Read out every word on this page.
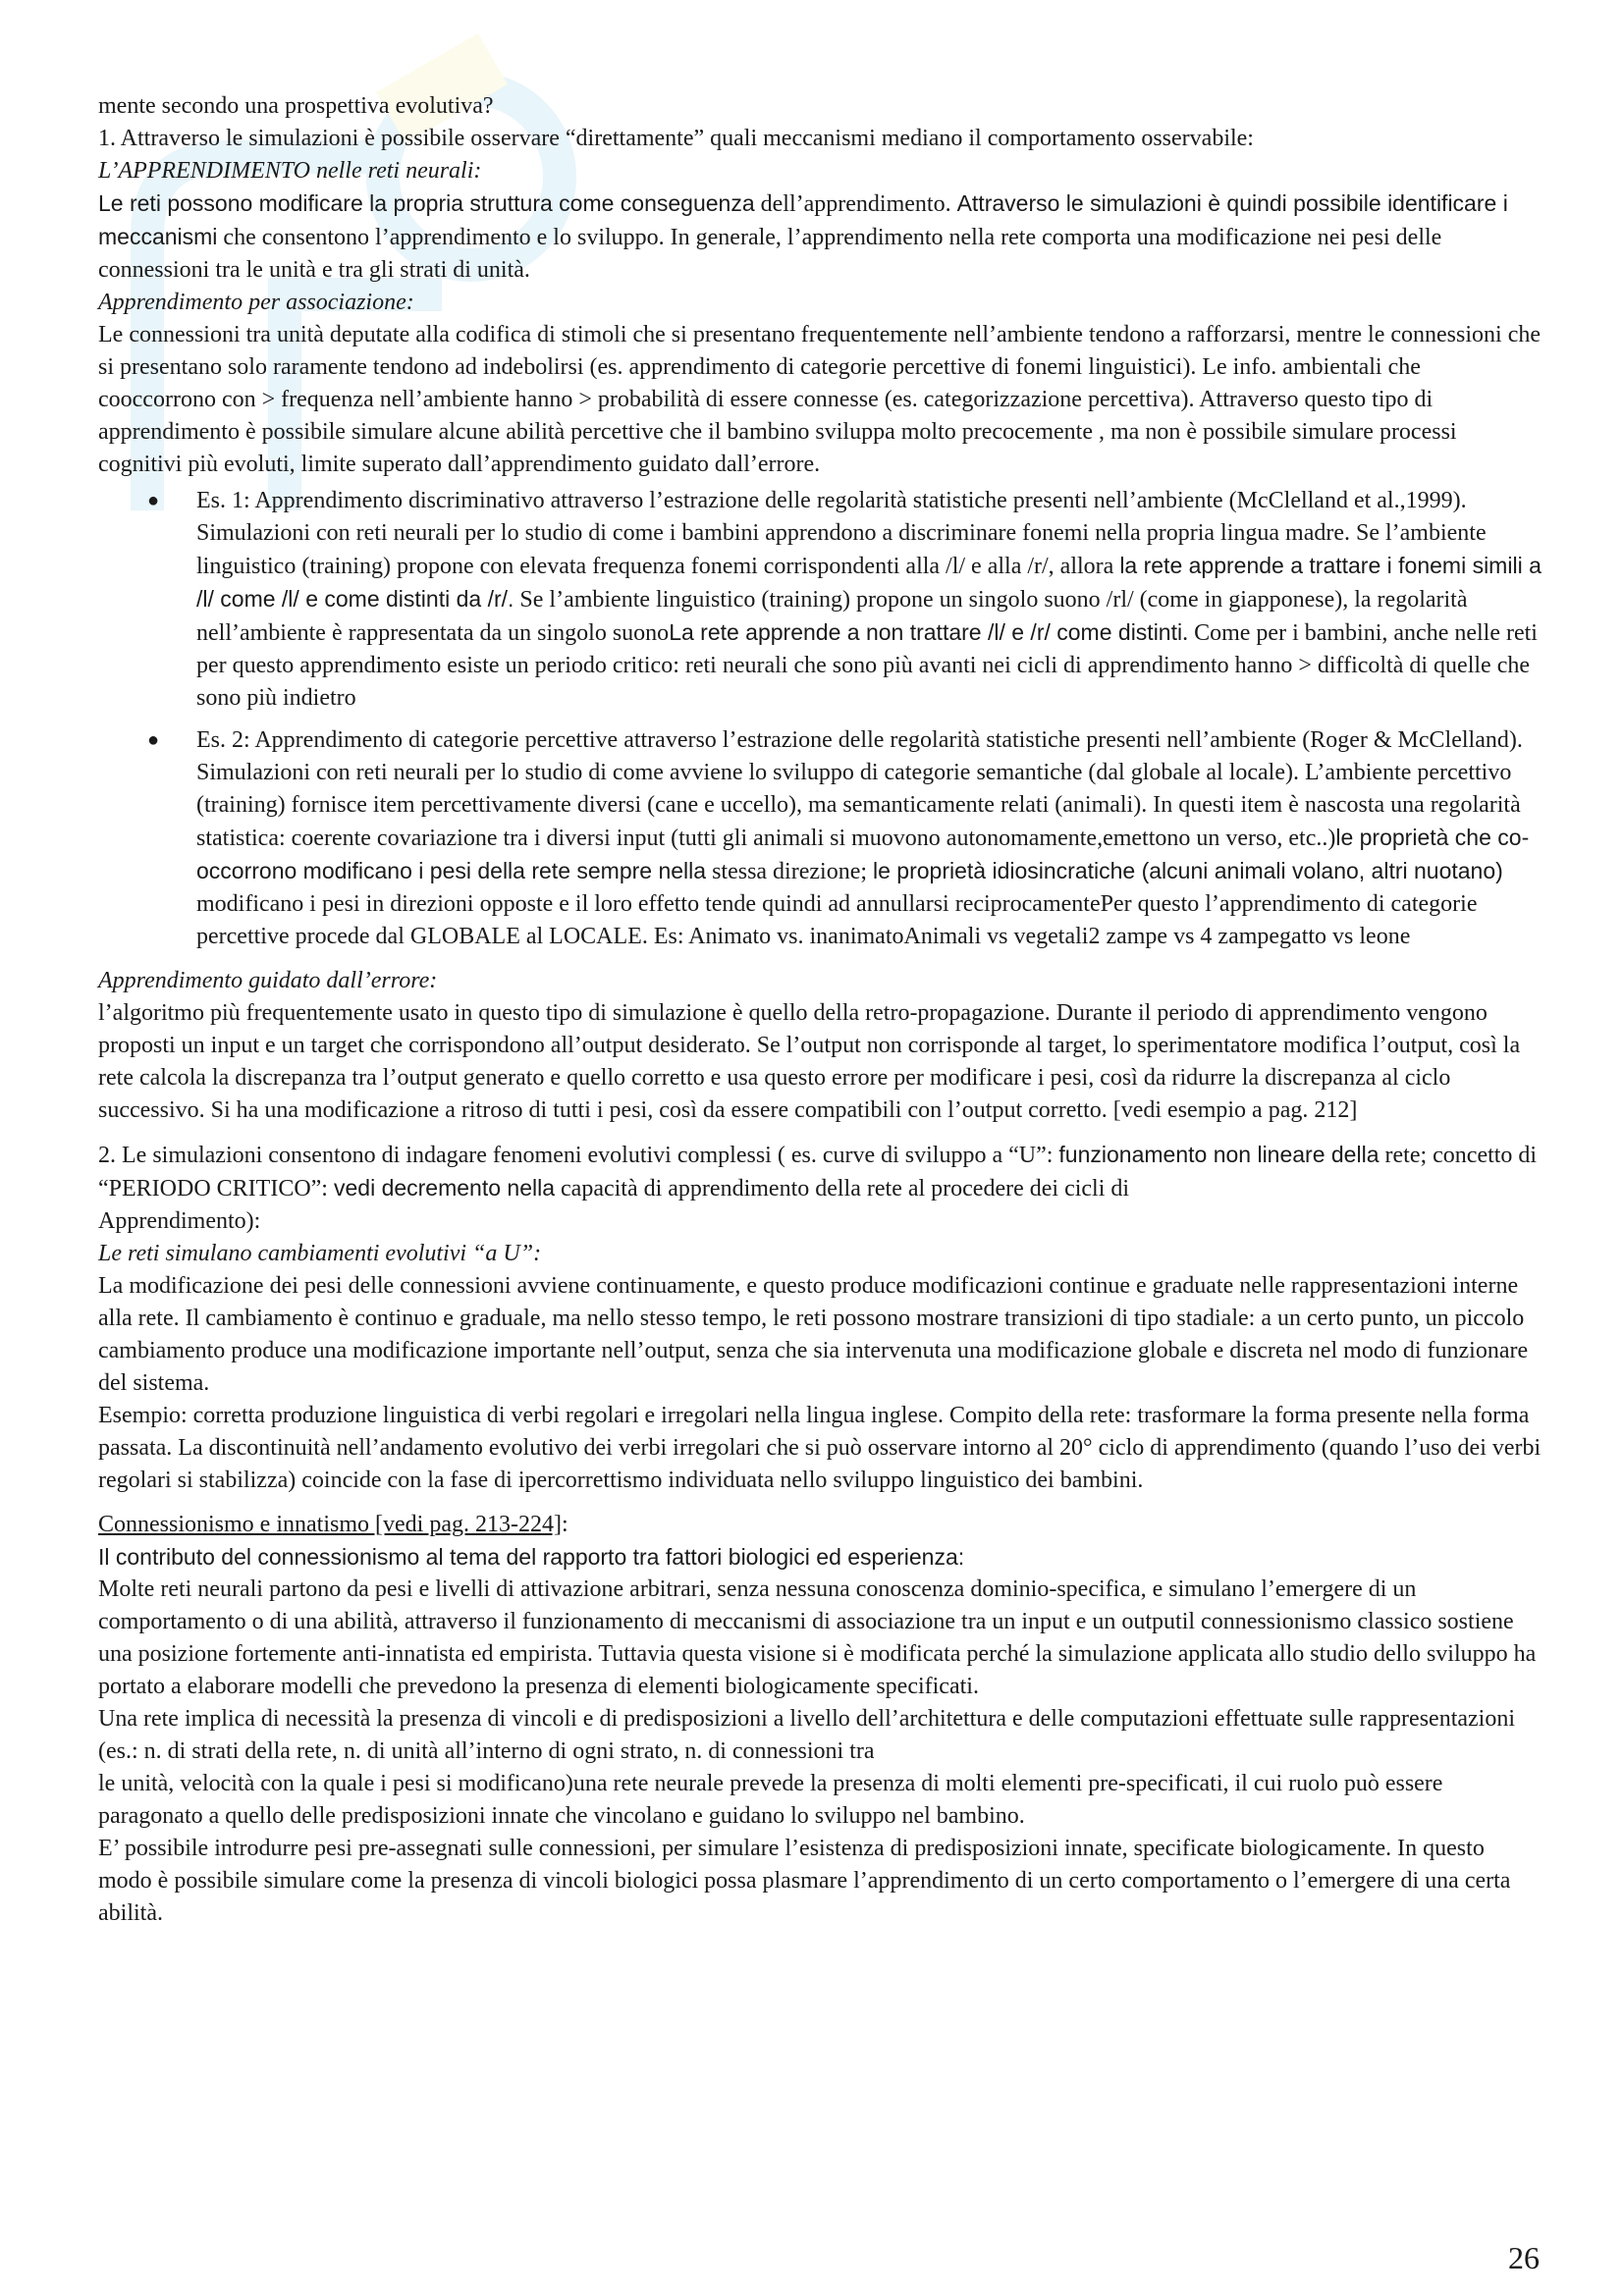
mente secondo una prospettiva evolutiva?

1. Attraverso le simulazioni è possibile osservare “direttamente” quali meccanismi mediano il comportamento osservabile:

L’APPRENDIMENTO nelle reti neurali:

Le reti possono modificare la propria struttura come conseguenza dell’apprendimento. Attraverso le simulazioni è quindi possibile identificare i meccanismi che consentono l’apprendimento e lo sviluppo. In generale, l’apprendimento nella rete comporta una modificazione nei pesi delle connessioni tra le unità e tra gli strati di unità.

Apprendimento per associazione:

Le connessioni tra unità deputate alla codifica di stimoli che si presentano frequentemente nell’ambiente tendono a rafforzarsi, mentre le connessioni che si presentano solo raramente tendono ad indebolirsi (es. apprendimento di categorie percettive di fonemi linguistici). Le info. ambientali che cooccorrono con > frequenza nell’ambiente hanno > probabilità di essere connesse (es. categorizzazione percettiva). Attraverso questo tipo di apprendimento è possibile simulare alcune abilità percettive che il bambino sviluppa molto precocemente , ma non è possibile simulare processi cognitivi più evoluti, limite superato dall’apprendimento guidato dall’errore.

● Es. 1: Apprendimento discriminativo attraverso l’estrazione delle regolarità statistiche presenti nell’ambiente (McClelland et al.,1999). Simulazioni con reti neurali per lo studio di come i bambini apprendono a discriminare fonemi nella propria lingua madre. Se l’ambiente linguistico (training) propone con elevata frequenza fonemi corrispondenti alla /l/ e alla /r/, allora la rete apprende a trattare i fonemi simili a /l/ come /l/ e come distinti da /r/. Se l’ambiente linguistico (training) propone un singolo suono /rl/ (come in giapponese), la regolarità nell’ambiente è rappresentata da un singolo suonoLa rete apprende a non trattare /l/ e /r/ come distinti. Come per i bambini, anche nelle reti per questo apprendimento esiste un periodo critico: reti neurali che sono più avanti nei cicli di apprendimento hanno > difficoltà di quelle che sono più indietro
● Es. 2: Apprendimento di categorie percettive attraverso l’estrazione delle regolarità statistiche presenti nell’ambiente (Roger & McClelland). Simulazioni con reti neurali per lo studio di come avviene lo sviluppo di categorie semantiche (dal globale al locale). L’ambiente percettivo (training) fornisce item percettivamente diversi (cane e uccello), ma semanticamente relati (animali). In questi item è nascosta una regolarità statistica: coerente covariazione tra i diversi input (tutti gli animali si muovono autonomamente,emettono un verso, etc..)le proprietà che co-occorrono modificano i pesi della rete sempre nella stessa direzione; le proprietà idiosincratiche (alcuni animali volano, altri nuotano) modificano i pesi in direzioni opposte e il loro effetto tende quindi ad annullarsi reciprocamentePer questo l’apprendimento di categorie percettive procede dal GLOBALE al LOCALE. Es: Animato vs. inanimatoAnimali vs vegetali2 zampe vs 4 zampegatto vs leone

Apprendimento guidato dall’errore:

l’algoritmo più frequentemente usato in questo tipo di simulazione è quello della retro-propagazione. Durante il periodo di apprendimento vengono proposti un input e un target che corrispondono all’output desiderato. Se l’output non corrisponde al target, lo sperimentatore modifica l’output, così la rete calcola la discrepanza tra l’output generato e quello corretto e usa questo errore per modificare i pesi, così da ridurre la discrepanza al ciclo successivo. Si ha una modificazione a ritroso di tutti i pesi, così da essere compatibili con l’output corretto. [vedi esempio a pag. 212]

2. Le simulazioni consentono di indagare fenomeni evolutivi complessi ( es. curve di sviluppo a “U”: funzionamento non lineare della rete; concetto di “PERIODO CRITICO”: vedi decremento nella capacità di apprendimento della rete al procedere dei cicli di

Apprendimento):

Le reti simulano cambiamenti evolutivi “a U”:

La modificazione dei pesi delle connessioni avviene continuamente, e questo produce modificazioni continue e graduate nelle rappresentazioni interne alla rete. Il cambiamento è continuo e graduale, ma nello stesso tempo, le reti possono mostrare transizioni di tipo stadiale: a un certo punto, un piccolo cambiamento produce una modificazione importante nell’output, senza che sia intervenuta una modificazione globale e discreta nel modo di funzionare del sistema.

Esempio: corretta produzione linguistica di verbi regolari e irregolari nella lingua inglese. Compito della rete: trasformare la forma presente nella forma passata. La discontinuità nell’andamento evolutivo dei verbi irregolari che si può osservare intorno al 20° ciclo di apprendimento (quando l’uso dei verbi regolari si stabilizza) coincide con la fase di ipercorrettismo individuata nello sviluppo linguistico dei bambini.

Connessionismo e innatismo [vedi pag. 213-224]:

Il contributo del connessionismo al tema del rapporto tra fattori biologici ed esperienza:

Molte reti neurali partono da pesi e livelli di attivazione arbitrari, senza nessuna conoscenza dominio-specifica, e simulano l’emergere di un comportamento o di una abilità, attraverso il funzionamento di meccanismi di associazione tra un input e un outputil connessionismo classico sostiene una posizione fortemente anti-innatista ed empirista. Tuttavia questa visione si è modificata perché la simulazione applicata allo studio dello sviluppo ha portato a elaborare modelli che prevedono la presenza di elementi biologicamente specificati.

Una rete implica di necessità la presenza di vincoli e di predisposizioni a livello dell’architettura e delle computazioni effettuate sulle rappresentazioni (es.: n. di strati della rete, n. di unità all’interno di ogni strato, n. di connessioni tra

le unità, velocità con la quale i pesi si modificano)una rete neurale prevede la presenza di molti elementi pre-specificati, il cui ruolo può essere paragonato a quello delle predisposizioni innate che vincolano e guidano lo sviluppo nel bambino.

E’ possibile introdurre pesi pre-assegnati sulle connessioni, per simulare l’esistenza di predisposizioni innate, specificate biologicamente. In questo modo è possibile simulare come la presenza di vincoli biologici possa plasmare l’apprendimento di un certo comportamento o l’emergere di una certa abilità.

26
